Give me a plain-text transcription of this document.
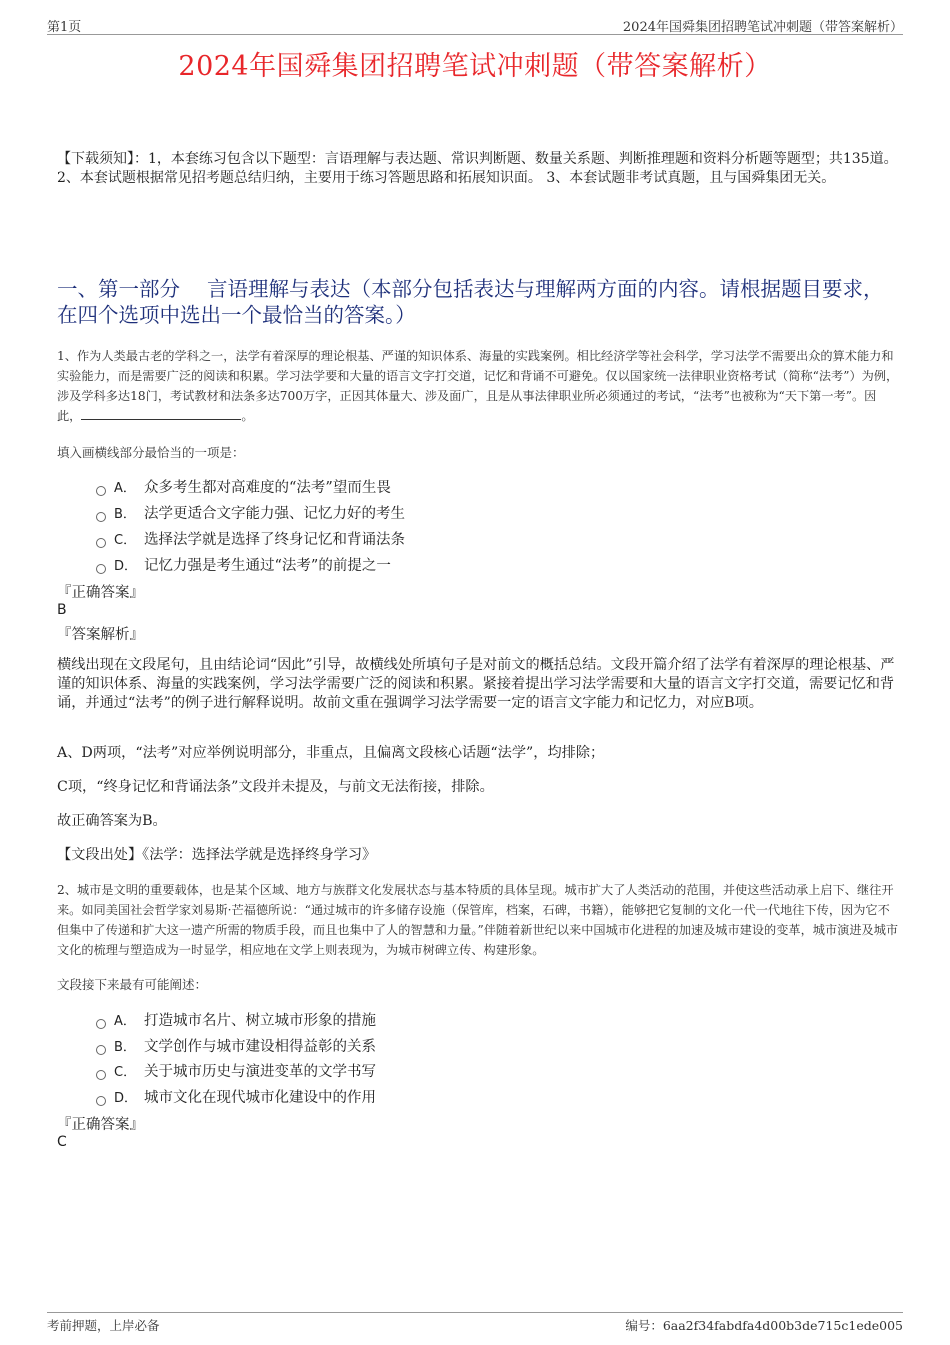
第1页	2024年国舜集团招聘笔试冲刺题（带答案解析）
2024年国舜集团招聘笔试冲刺题（带答案解析）
【下载须知】：1，本套练习包含以下题型：言语理解与表达题、常识判断题、数量关系题、判断推理题和资料分析题等题型；共135道。 2、本套试题根据常见招考题总结归纳，主要用于练习答题思路和拓展知识面。 3、本套试题非考试真题，且与国舜集团无关。
一、第一部分　 言语理解与表达（本部分包括表达与理解两方面的内容。请根据题目要求，在四个选项中选出一个最恰当的答案。）
1、作为人类最古老的学科之一，法学有着深厚的理论根基、严谨的知识体系、海量的实践案例。相比经济学等社会科学，学习法学不需要出众的算术能力和实验能力，而是需要广泛的阅读和积累。学习法学要和大量的语言文字打交道，记忆和背诵不可避免。仅以国家统一法律职业资格考试（简称“法考”）为例，涉及学科多达18门，考试教材和法条多达700万字，正因其体量大、涉及面广，且是从事法律职业所必须通过的考试，“法考”也被称为“天下第一考”。因此，	。
填入画横线部分最恰当的一项是：
A． 众多考生都对高难度的“法考”望而生畏
B． 法学更适合文字能力强、记忆力好的考生
C． 选择法学就是选择了终身记忆和背诵法条
D． 记忆力强是考生通过“法考”的前提之一
『正确答案』
B
『答案解析』
横线出现在文段尾句，且由结论词“因此”引导，故横线处所填句子是对前文的概括总结。文段开篇介绍了法学有着深厚的理论根基、严谨的知识体系、海量的实践案例，学习法学需要广泛的阅读和积累。紧接着提出学习法学需要和大量的语言文字打交道，需要记忆和背诵，并通过“法考”的例子进行解释说明。故前文重在强调学习法学需要一定的语言文字能力和记忆力，对应B项。
A、D两项，“法考”对应举例说明部分，非重点，且偏离文段核心话题“法学”，均排除；
C项，“终身记忆和背诵法条”文段并未提及，与前文无法衔接，排除。
故正确答案为B。
【文段出处】《法学：选择法学就是选择终身学习》
2、城市是文明的重要载体，也是某个区域、地方与族群文化发展状态与基本特质的具体呈现。城市扩大了人类活动的范围，并使这些活动承上启下、继往开来。如同美国社会哲学家刘易斯·芒福德所说：“通过城市的许多储存设施（保管库，档案，石碑，书籍），能够把它复制的文化一代一代地往下传，因为它不但集中了传递和扩大这一遗产所需的物质手段，而且也集中了人的智慧和力量。”伴随着新世纪以来中国城市化进程的加速及城市建设的变革，城市演进及城市文化的梳理与塑造成为一时显学，相应地在文学上则表现为，为城市树碑立传、构建形象。
文段接下来最有可能阐述：
A． 打造城市名片、树立城市形象的措施
B． 文学创作与城市建设相得益彰的关系
C． 关于城市历史与演进变革的文学书写
D． 城市文化在现代城市化建设中的作用
『正确答案』
C
考前押题，上岸必备	编号：6aa2f34fabdfa4d00b3de715c1ede005
